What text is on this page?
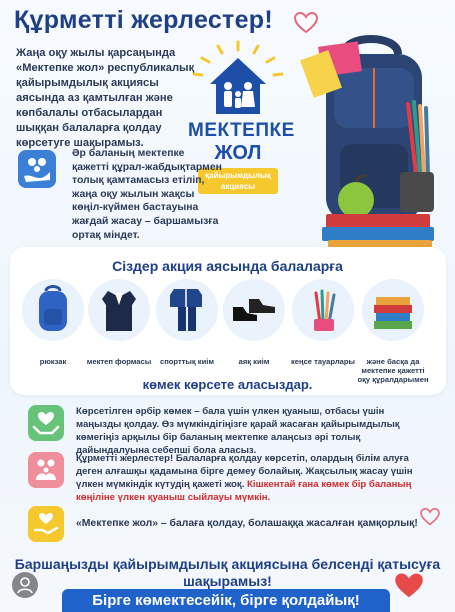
Құрметті жерлестер!
Жаңа оқу жылы қарсаңында «Мектепке жол» республикалық қайырымдылық акциясы аясында аз қамтылған және көпбалалы отбасылардан шыққан балаларға қолдау көрсетуге шақырамыз.
МЕКТЕПКЕ
ЖОЛ
қайырымдылық акциясы
Әр баланың мектепке қажетті құрал-жабдықтармен толық қамтамасыз етіліп, жаңа оқу жылын жақсы көңіл-күймен бастауына жағдай жасау – баршамызға ортақ міндет.
Сіздер акция аясында балаларға
рюкзак	мектеп формасы	спорттық киім	аяқ киім	кеңсе тауарлары	және басқа да мектепке қажетті оқу құралдарымен
көмек көрсете аласыздар.
Көрсетілген әрбір көмек – бала үшін үлкен қуаныш, отбасы үшін маңызды қолдау. Өз мүмкіндігіңізге қарай жасаған қайырымдылық көмегіңіз арқылы бір баланың мектепке алаңсыз әрі толық дайындалуына себепші бола аласыз.
Құрметті жерлестер! Балаларға қолдау көрсетіп, олардың білім алуға деген алғашқы қадамына бірге демеу болайық. Жақсылық жасау үшін үлкен мүмкіндік күтудің қажеті жоқ. Кішкентай ғана көмек бір баланың көңіліне үлкен қуаныш сыйлауы мүмкін.
«Мектепке жол» – балаға қолдау, болашаққа жасалған қамқорлық!
Баршаңызды қайырымдылық акциясына белсенді қатысуға шақырамыз!
Бірге көмектесейік, бірге қолдайық!
